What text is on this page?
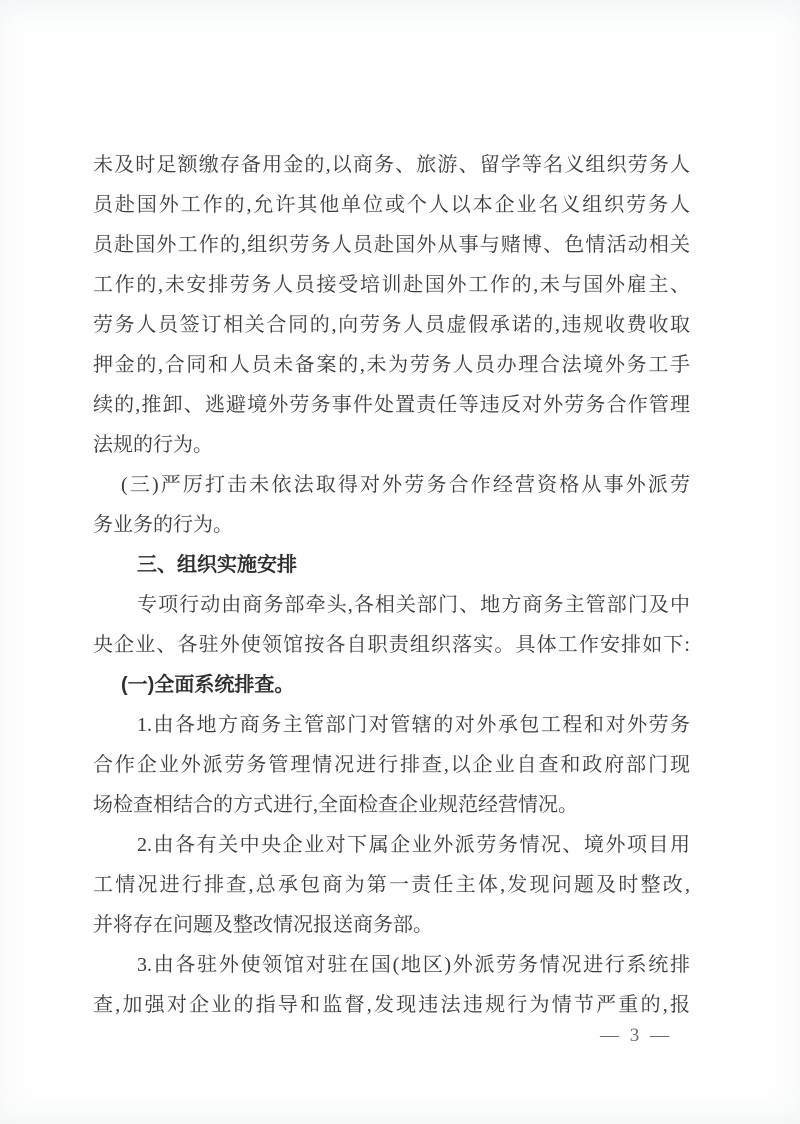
未及时足额缴存备用金的,以商务、旅游、留学等名义组织劳务人
员赴国外工作的,允许其他单位或个人以本企业名义组织劳务人
员赴国外工作的,组织劳务人员赴国外从事与赌博、色情活动相关
工作的,未安排劳务人员接受培训赴国外工作的,未与国外雇主、
劳务人员签订相关合同的,向劳务人员虚假承诺的,违规收费收取
押金的,合同和人员未备案的,未为劳务人员办理合法境外务工手
续的,推卸、逃避境外劳务事件处置责任等违反对外劳务合作管理
法规的行为。
(三)严厉打击未依法取得对外劳务合作经营资格从事外派劳
务业务的行为。
三、组织实施安排
专项行动由商务部牵头,各相关部门、地方商务主管部门及中
央企业、各驻外使领馆按各自职责组织落实。具体工作安排如下:
(一)全面系统排查。
1.由各地方商务主管部门对管辖的对外承包工程和对外劳务
合作企业外派劳务管理情况进行排查,以企业自查和政府部门现
场检查相结合的方式进行,全面检查企业规范经营情况。
2.由各有关中央企业对下属企业外派劳务情况、境外项目用
工情况进行排查,总承包商为第一责任主体,发现问题及时整改,
并将存在问题及整改情况报送商务部。
3.由各驻外使领馆对驻在国(地区)外派劳务情况进行系统排
查,加强对企业的指导和监督,发现违法违规行为情节严重的,报
— 3 —
